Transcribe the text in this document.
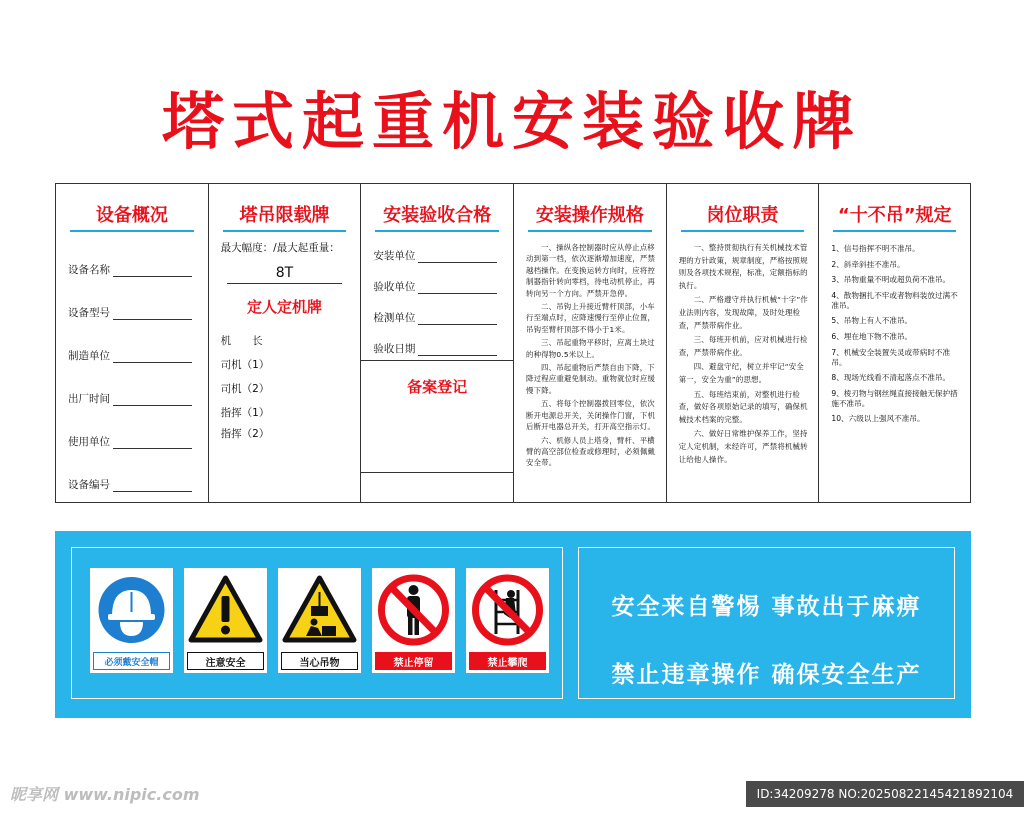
塔式起重机安装验收牌
设备概况
设备名称
设备型号
制造单位
出厂时间
使用单位
设备编号
塔吊限载牌
最大幅度：/最大起重量：
8T
定人定机牌
机　　长
司机（1）
司机（2）
指挥（1）
指挥（2）
安装验收合格
安装单位
验收单位
检测单位
验收日期
备案登记
安装操作规格

一、操纵各控制器时应从停止点移动到第一档，依次逐渐增加速度，严禁越档操作。在变换运转方向时，应将控制器指针转向零档，待电动机停止，再转向另一个方向。严禁开急停。

二、吊钩上升接近臂杆顶部，小车行至端点时，应降速慢行至停止位置，吊钩至臂杆顶部不得小于1米。

三、吊起重物平移时，应离土块过的种得物0.5米以上。

四、吊起重物后严禁自由下降，下降过程应重避免制动。重物就位时应缓慢下降。

五、将每个控制器拨回零位，依次断开电源总开关，关闭操作门窗，下机后断开电器总开关，打开高空指示灯。

六、机修人员上塔身，臂杆、平横臂的高空部位检查或修理时，必须佩戴安全带。

岗位职责

一、整持贯彻执行有关机械技术管理的方针政策，规章制度，严格按照规则及各项技术规程，标准，定额指标的执行。

二、严格遵守并执行机械“十字”作业法则内容，发现故障，及时处理检查，严禁带病作业。

三、每班开机前，应对机械进行检查，严禁带病作业。

四、避盘守纪，树立并牢记“安全第一，安全为重”的思想。

五、每班结束前，对整机进行检查，做好各项原始记录的填写，确保机械技术档案的完整。

六、做好日常维护保养工作，坚持定人定机制，未经许可，严禁将机械转让给他人操作。

“十不吊”规定
1、信号指挥不明不准吊。
2、斜牵斜挂不准吊。
3、吊物重量不明或超负荷不准吊。
4、散物捆扎不牢或者物料装放过满不准吊。
5、吊物上有人不准吊。
6、埋在地下物不准吊。
7、机械安全装置失灵或带病时不准吊。
8、现场光线看不清起落点不准吊。
9、棱刃物与钢丝绳直接接触无保护措施不准吊。
10、六级以上强风不准吊。
必须戴安全帽	注意安全	当心吊物	禁止停留	禁止攀爬
安全来自警惕 事故出于麻痹
禁止违章操作 确保安全生产
昵享网 www.nipic.com	ID:34209278 NO:20250822145421892104
